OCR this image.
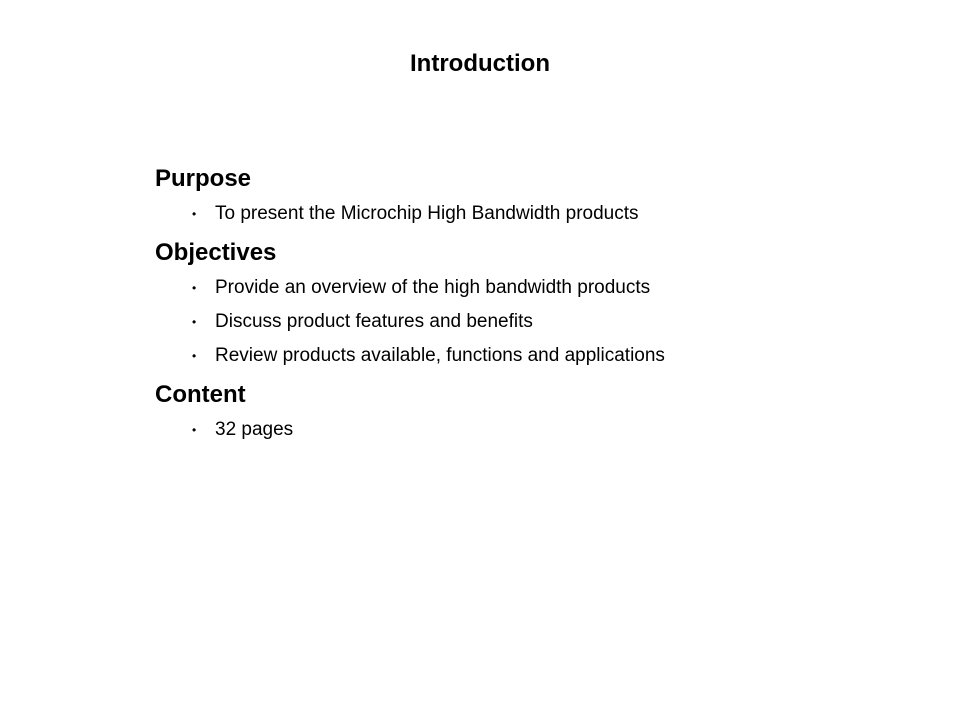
Introduction
Purpose
• To present the Microchip High Bandwidth products
Objectives
• Provide an overview of the high bandwidth products
• Discuss product features and benefits
• Review products available, functions and applications
Content
• 32 pages
